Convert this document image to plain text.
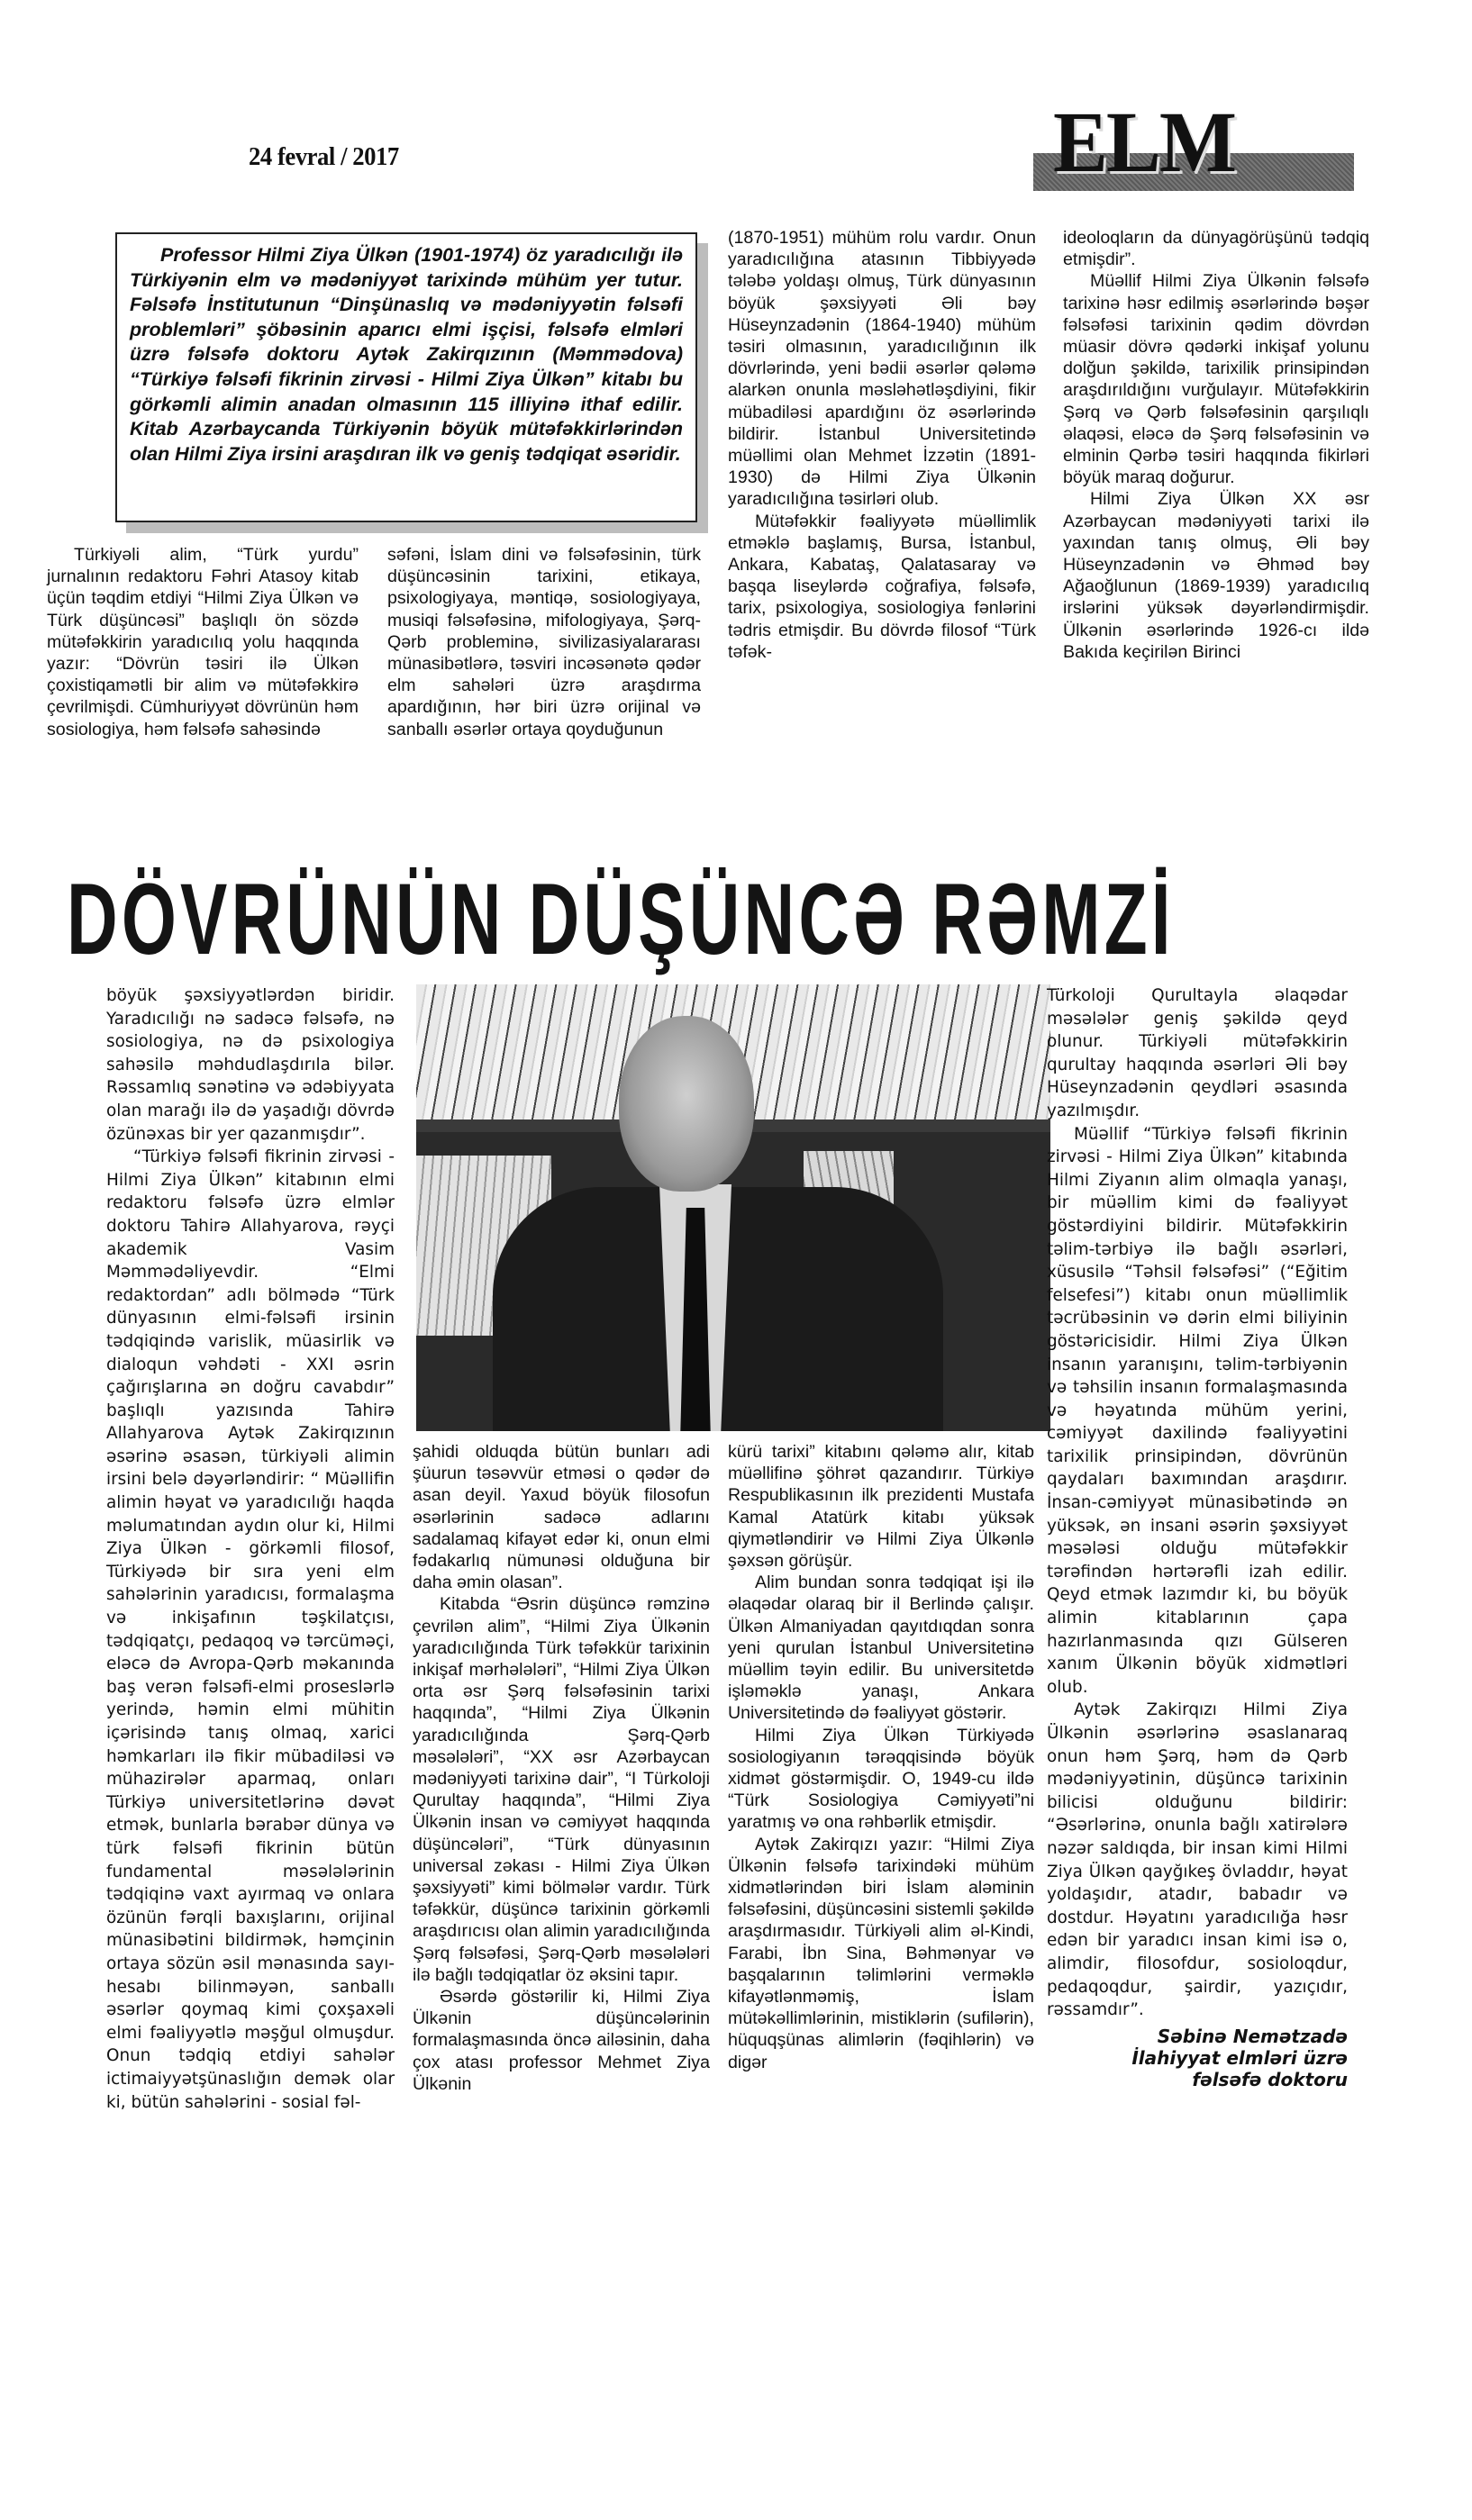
24 fevral / 2017	ELM

Professor Hilmi Ziya Ülkən (1901-1974) öz yaradıcılığı ilə Türkiyənin elm və mədəniyyət tarixində mühüm yer tutur. Fəlsəfə İnstitutunun “Dinşünaslıq və mədəniyyətin fəlsəfi problemləri” şöbəsinin aparıcı elmi işçisi, fəlsəfə elmləri üzrə fəlsəfə doktoru Aytək Zakirqızının (Məmmədova) “Türkiyə fəlsəfi fikrinin zirvəsi - Hilmi Ziya Ülkən” kitabı bu görkəmli alimin anadan olmasının 115 illiyinə ithaf edilir. Kitab Azərbaycanda Türkiyənin böyük mütəfəkkirlərindən olan Hilmi Ziya irsini araşdıran ilk və geniş tədqiqat əsəridir.

Türkiyəli alim, “Türk yurdu” jurnalının redaktoru Fəhri Atasoy kitab üçün təqdim etdiyi “Hilmi Ziya Ülkən və Türk düşüncəsi” başlıqlı ön sözdə mütəfəkkirin yaradıcılıq yolu haqqında yazır: “Dövrün təsiri ilə Ülkən çoxistiqamətli bir alim və mütəfəkkirə çevrilmişdi. Cümhuriyyət dövrünün həm sosiologiya, həm fəlsəfə sahəsində

səfəni, İslam dini və fəlsəfəsinin, türk düşüncəsinin tarixini, etikaya, psixologiyaya, məntiqə, sosiologiyaya, musiqi fəlsəfəsinə, mifologiyaya, Şərq-Qərb probleminə, sivilizasiyalararası münasibətlərə, təsviri incəsənətə qədər elm sahələri üzrə araşdırma apardığının, hər biri üzrə orijinal və sanballı əsərlər ortaya qoyduğunun

(1870-1951) mühüm rolu vardır. Onun yaradıcılığına atasının Tibbiyyədə tələbə yoldaşı olmuş, Türk dünyasının böyük şəxsiyyəti Əli bəy Hüseynzadənin (1864-1940) mühüm təsiri olmasının, yaradıcılığının ilk dövrlərində, yeni bədii əsərlər qələmə alarkən onunla məsləhətləşdiyini, fikir mübadiləsi apardığını öz əsərlərində bildirir. İstanbul Universitetində müəllimi olan Mehmet İzzətin (1891-1930) də Hilmi Ziya Ülkənin yaradıcılığına təsirləri olub.

Mütəfəkkir fəaliyyətə müəllimlik etməklə başlamış, Bursa, İstanbul, Ankara, Kabataş, Qalatasaray və başqa liseylərdə coğrafiya, fəlsəfə, tarix, psixologiya, sosiologiya fənlərini tədris etmişdir. Bu dövrdə filosof “Türk təfək-

ideoloqların da dünyagörüşünü tədqiq etmişdir”.

Müəllif Hilmi Ziya Ülkənin fəlsəfə tarixinə həsr edilmiş əsərlərində bəşər fəlsəfəsi tarixinin qədim dövrdən müasir dövrə qədərki inkişaf yolunu dolğun şəkildə, tarixilik prinsipindən araşdırıldığını vurğulayır. Mütəfəkkirin Şərq və Qərb fəlsəfəsinin qarşılıqlı əlaqəsi, eləcə də Şərq fəlsəfəsinin və elminin Qərbə təsiri haqqında fikirləri böyük maraq doğurur.

Hilmi Ziya Ülkən XX əsr Azərbaycan mədəniyyəti tarixi ilə yaxından tanış olmuş, Əli bəy Hüseynzadənin və Əhməd bəy Ağaoğlunun (1869-1939) yaradıcılıq irslərini yüksək dəyərləndirmişdir. Ülkənin əsərlərində 1926-cı ildə Bakıda keçirilən Birinci

DÖVRÜNÜN DÜŞÜNCƏ RƏMZİ

böyük şəxsiyyətlərdən biridir. Yaradıcılığı nə sadəcə fəlsəfə, nə sosiologiya, nə də psixologiya sahəsilə məhdudlaşdırıla bilər. Rəssamlıq sənətinə və ədəbiyyata olan marağı ilə də yaşadığı dövrdə özünəxas bir yer qazanmışdır”.

“Türkiyə fəlsəfi fikrinin zirvəsi - Hilmi Ziya Ülkən” kitabının elmi redaktoru fəlsəfə üzrə elmlər doktoru Tahirə Allahyarova, rəyçi akademik Vasim Məmmədəliyevdir. “Elmi redaktordan” adlı bölmədə “Türk dünyasının elmi-fəlsəfi irsinin tədqiqində varislik, müasirlik və dialoqun vəhdəti - XXI əsrin çağırışlarına ən doğru cavabdır” başlıqlı yazısında Tahirə Allahyarova Aytək Zakirqızının əsərinə əsasən, türkiyəli alimin irsini belə dəyərləndirir: “ Müəllifin alimin həyat və yaradıcılığı haqda məlumatından aydın olur ki, Hilmi Ziya Ülkən - görkəmli filosof, Türkiyədə bir sıra yeni elm sahələrinin yaradıcısı, formalaşma və inkişafının təşkilatçısı, tədqiqatçı, pedaqoq və tərcüməçi, eləcə də Avropa-Qərb məkanında baş verən fəlsəfi-elmi proseslərlə yerində, həmin elmi mühitin içərisində tanış olmaq, xarici həmkarları ilə fikir mübadiləsi və mühazirələr aparmaq, onları Türkiyə universitetlərinə dəvət etmək, bunlarla bərabər dünya və türk fəlsəfi fikrinin bütün fundamental məsələlərinin tədqiqinə vaxt ayırmaq və onlara özünün fərqli baxışlarını, orijinal münasibətini bildirmək, həmçinin ortaya sözün əsil mənasında sayı-hesabı bilinməyən, sanballı əsərlər qoymaq kimi çoxşaxəli elmi fəaliyyətlə məşğul olmuşdur. Onun tədqiq etdiyi sahələr ictimaiyyətşünaslığın demək olar ki, bütün sahələrini - sosial fəl-

şahidi olduqda bütün bunları adi şüurun təsəvvür etməsi o qədər də asan deyil. Yaxud böyük filosofun əsərlərinin sadəcə adlarını sadalamaq kifayət edər ki, onun elmi fədakarlıq nümunəsi olduğuna bir daha əmin olasan”.

Kitabda “Əsrin düşüncə rəmzinə çevrilən alim”, “Hilmi Ziya Ülkənin yaradıcılığında Türk təfəkkür tarixinin inkişaf mərhələləri”, “Hilmi Ziya Ülkən orta əsr Şərq fəlsəfəsinin tarixi haqqında”, “Hilmi Ziya Ülkənin yaradıcılığında Şərq-Qərb məsələləri”, “XX əsr Azərbaycan mədəniyyəti tarixinə dair”, “I Türkoloji Qurultay haqqında”, “Hilmi Ziya Ülkənin insan və cəmiyyət haqqında düşüncələri”, “Türk dünyasının universal zəkası - Hilmi Ziya Ülkən şəxsiyyəti” kimi bölmələr vardır. Türk təfəkkür, düşüncə tarixinin görkəmli araşdırıcısı olan alimin yaradıcılığında Şərq fəlsəfəsi, Şərq-Qərb məsələləri ilə bağlı tədqiqatlar öz əksini tapır.

Əsərdə göstərilir ki, Hilmi Ziya Ülkənin düşüncələrinin formalaşmasında öncə ailəsinin, daha çox atası professor Mehmet Ziya Ülkənin

kürü tarixi” kitabını qələmə alır, kitab müəllifinə şöhrət qazandırır. Türkiyə Respublikasının ilk prezidenti Mustafa Kamal Atatürk kitabı yüksək qiymətləndirir və Hilmi Ziya Ülkənlə şəxsən görüşür.

Alim bundan sonra tədqiqat işi ilə əlaqədar olaraq bir il Berlində çalışır. Ülkən Almaniyadan qayıtdıqdan sonra yeni qurulan İstanbul Universitetinə müəllim təyin edilir. Bu universitetdə işləməklə yanaşı, Ankara Universitetində də fəaliyyət göstərir.

Hilmi Ziya Ülkən Türkiyədə sosiologiyanın tərəqqisində böyük xidmət göstərmişdir. O, 1949-cu ildə “Türk Sosiologiya Cəmiyyəti”ni yaratmış və ona rəhbərlik etmişdir.

Aytək Zakirqızı yazır: “Hilmi Ziya Ülkənin fəlsəfə tarixindəki mühüm xidmətlərindən biri İslam aləminin fəlsəfəsini, düşüncəsini sistemli şəkildə araşdırmasıdır. Türkiyəli alim əl-Kindi, Farabi, İbn Sina, Bəhmənyar və başqalarının təlimlərini verməklə kifayətlənməmiş, İslam mütəkəllimlərinin, mistiklərin (sufilərin), hüquqşünas alimlərin (fəqihlərin) və digər

Türkoloji Qurultayla əlaqədar məsələlər geniş şəkildə qeyd olunur. Türkiyəli mütəfəkkirin qurultay haqqında əsərləri Əli bəy Hüseynzadənin qeydləri əsasında yazılmışdır.

Müəllif “Türkiyə fəlsəfi fikrinin zirvəsi - Hilmi Ziya Ülkən” kitabında Hilmi Ziyanın alim olmaqla yanaşı, bir müəllim kimi də fəaliyyət göstərdiyini bildirir. Mütəfəkkirin təlim-tərbiyə ilə bağlı əsərləri, xüsusilə “Təhsil fəlsəfəsi” (“Eğitim felsefesi”) kitabı onun müəllimlik təcrübəsinin və dərin elmi biliyinin göstəricisidir. Hilmi Ziya Ülkən insanın yaranışını, təlim-tərbiyənin və təhsilin insanın formalaşmasında və həyatında mühüm yerini, cəmiyyət daxilində fəaliyyətini tarixilik prinsipindən, dövrünün qaydaları baxımından araşdırır. İnsan-cəmiyyət münasibətində ən yüksək, ən insani əsərin şəxsiyyət məsələsi olduğu mütəfəkkir tərəfindən hərtərəfli izah edilir. Qeyd etmək lazımdır ki, bu böyük alimin kitablarının çapa hazırlanmasında qızı Gülseren xanım Ülkənin böyük xidmətləri olub.

Aytək Zakirqızı Hilmi Ziya Ülkənin əsərlərinə əsaslanaraq onun həm Şərq, həm də Qərb mədəniyyətinin, düşüncə tarixinin bilicisi olduğunu bildirir: “Əsərlərinə, onunla bağlı xatirələrə nəzər saldıqda, bir insan kimi Hilmi Ziya Ülkən qayğıkeş övladdır, həyat yoldaşıdır, atadır, babadır və dostdur. Həyatını yaradıcılığa həsr edən bir yaradıcı insan kimi isə o, alimdir, filosofdur, sosioloqdur, pedaqoqdur, şairdir, yazıçıdır, rəssamdır”.

Səbinə Nemətzadə
İlahiyyat elmləri üzrə
fəlsəfə doktoru
